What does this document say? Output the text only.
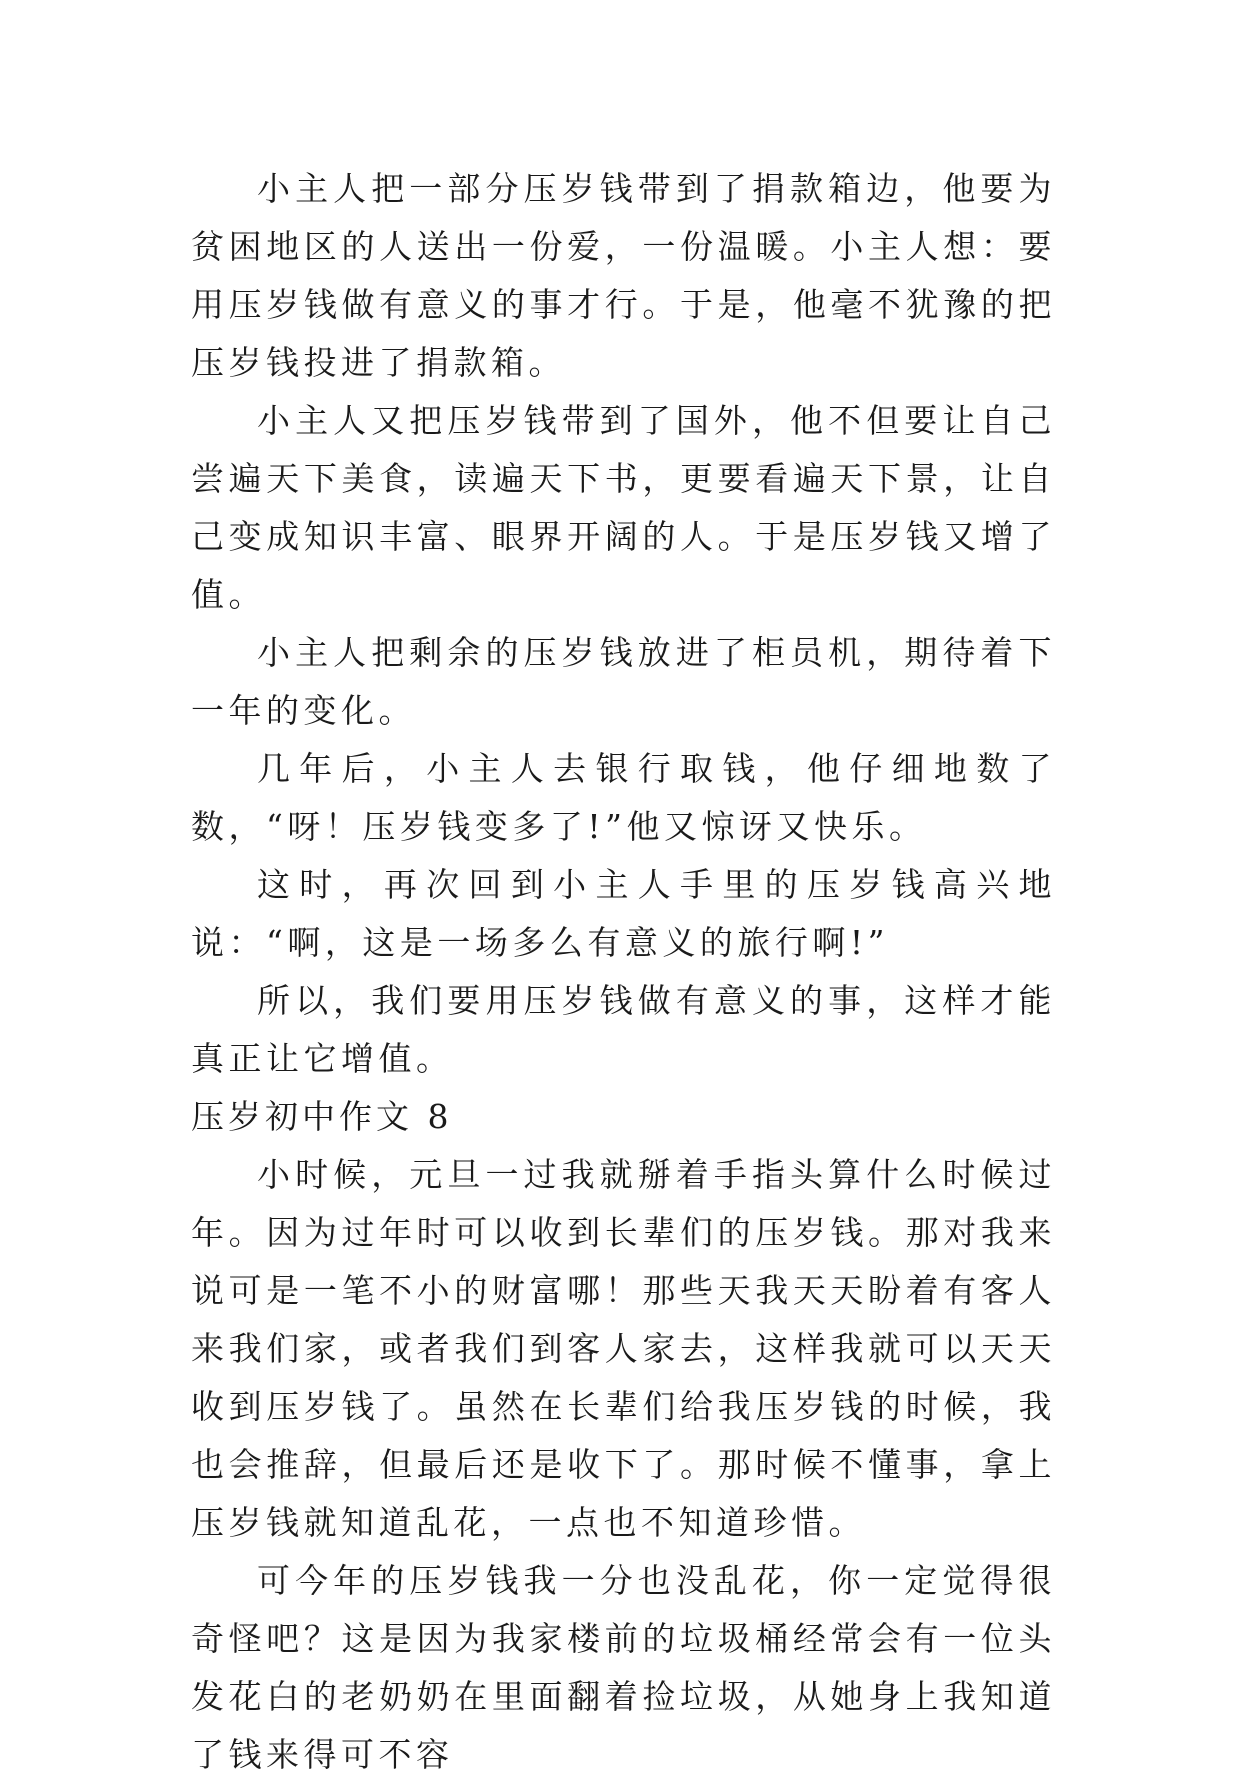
小主人把一部分压岁钱带到了捐款箱边，他要为贫困地区的人送出一份爱，一份温暖。小主人想：要用压岁钱做有意义的事才行。于是，他毫不犹豫的把压岁钱投进了捐款箱。

小主人又把压岁钱带到了国外，他不但要让自己尝遍天下美食，读遍天下书，更要看遍天下景，让自己变成知识丰富、眼界开阔的人。于是压岁钱又增了值。

小主人把剩余的压岁钱放进了柜员机，期待着下一年的变化。

几年后，小主人去银行取钱，他仔细地数了数，“呀！压岁钱变多了!”他又惊讶又快乐。

这时，再次回到小主人手里的压岁钱高兴地说：“啊，这是一场多么有意义的旅行啊!”

所以，我们要用压岁钱做有意义的事，这样才能真正让它增值。

压岁初中作文 8

小时候，元旦一过我就掰着手指头算什么时候过年。因为过年时可以收到长辈们的压岁钱。那对我来说可是一笔不小的财富哪！那些天我天天盼着有客人来我们家，或者我们到客人家去，这样我就可以天天收到压岁钱了。虽然在长辈们给我压岁钱的时候，我也会推辞，但最后还是收下了。那时候不懂事，拿上压岁钱就知道乱花，一点也不知道珍惜。

可今年的压岁钱我一分也没乱花，你一定觉得很奇怪吧？这是因为我家楼前的垃圾桶经常会有一位头发花白的老奶奶在里面翻着捡垃圾，从她身上我知道了钱来得可不容
